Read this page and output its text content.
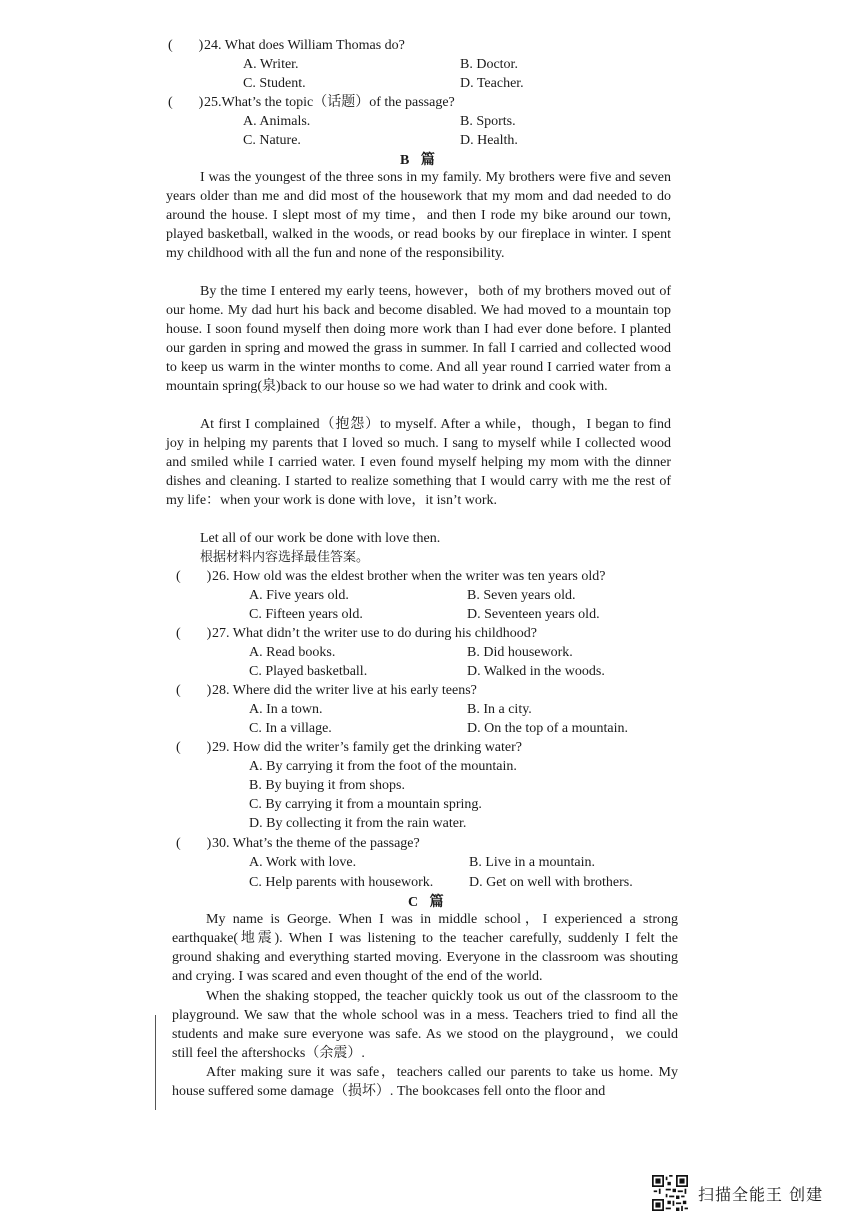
( )24. What does William Thomas do?
A. Writer.	B. Doctor.
C. Student.	D. Teacher.
( )25.What’s the topic（话题）of the passage?
A. Animals.	B. Sports.
C. Nature.	D. Health.
B 篇
I was the youngest of the three sons in my family. My brothers were five and seven years older than me and did most of the housework that my mom and dad needed to do around the house. I slept most of my time，and then I rode my bike around our town, played basketball, walked in the woods, or read books by our fireplace in winter. I spent my childhood with all the fun and none of the responsibility.
By the time I entered my early teens, however，both of my brothers moved out of our home. My dad hurt his back and become disabled. We had moved to a mountain top house. I soon found myself then doing more work than I had ever done before. I planted our garden in spring and mowed the grass in summer. In fall I carried and collected wood to keep us warm in the winter months to come. And all year round I carried water from a mountain spring(泉)back to our house so we had water to drink and cook with.
At first I complained（抱怨）to myself. After a while，though，I began to find joy in helping my parents that I loved so much. I sang to myself while I collected wood and smiled while I carried water. I even found myself helping my mom with the dinner dishes and cleaning. I started to realize something that I would carry with me the rest of my life：when your work is done with love，it isn’t work.
Let all of our work be done with love then.
根据材料内容选择最佳答案。
( )26. How old was the eldest brother when the writer was ten years old?
A. Five years old.	B. Seven years old.
C. Fifteen years old.	D. Seventeen years old.
( )27. What didn’t the writer use to do during his childhood?
A. Read books.	B. Did housework.
C. Played basketball.	D. Walked in the woods.
( )28. Where did the writer live at his early teens?
A. In a town.	B. In a city.
C. In a village.	D. On the top of a mountain.
( )29. How did the writer’s family get the drinking water?
A. By carrying it from the foot of the mountain.
B. By buying it from shops.
C. By carrying it from a mountain spring.
D. By collecting it from the rain water.
( )30. What’s the theme of the passage?
A. Work with love.	B. Live in a mountain.
C. Help parents with housework.	D. Get on well with brothers.
C 篇
My name is George. When I was in middle school，I experienced a strong earthquake(地震). When I was listening to the teacher carefully, suddenly I felt the ground shaking and everything started moving. Everyone in the classroom was shouting and crying. I was scared and even thought of the end of the world.
When the shaking stopped, the teacher quickly took us out of the classroom to the playground. We saw that the whole school was in a mess. Teachers tried to find all the students and make sure everyone was safe. As we stood on the playground，we could still feel the aftershocks（余震）.
After making sure it was safe，teachers called our parents to take us home. My house suffered some damage（损坏）. The bookcases fell onto the floor and
扫描全能王 创建
